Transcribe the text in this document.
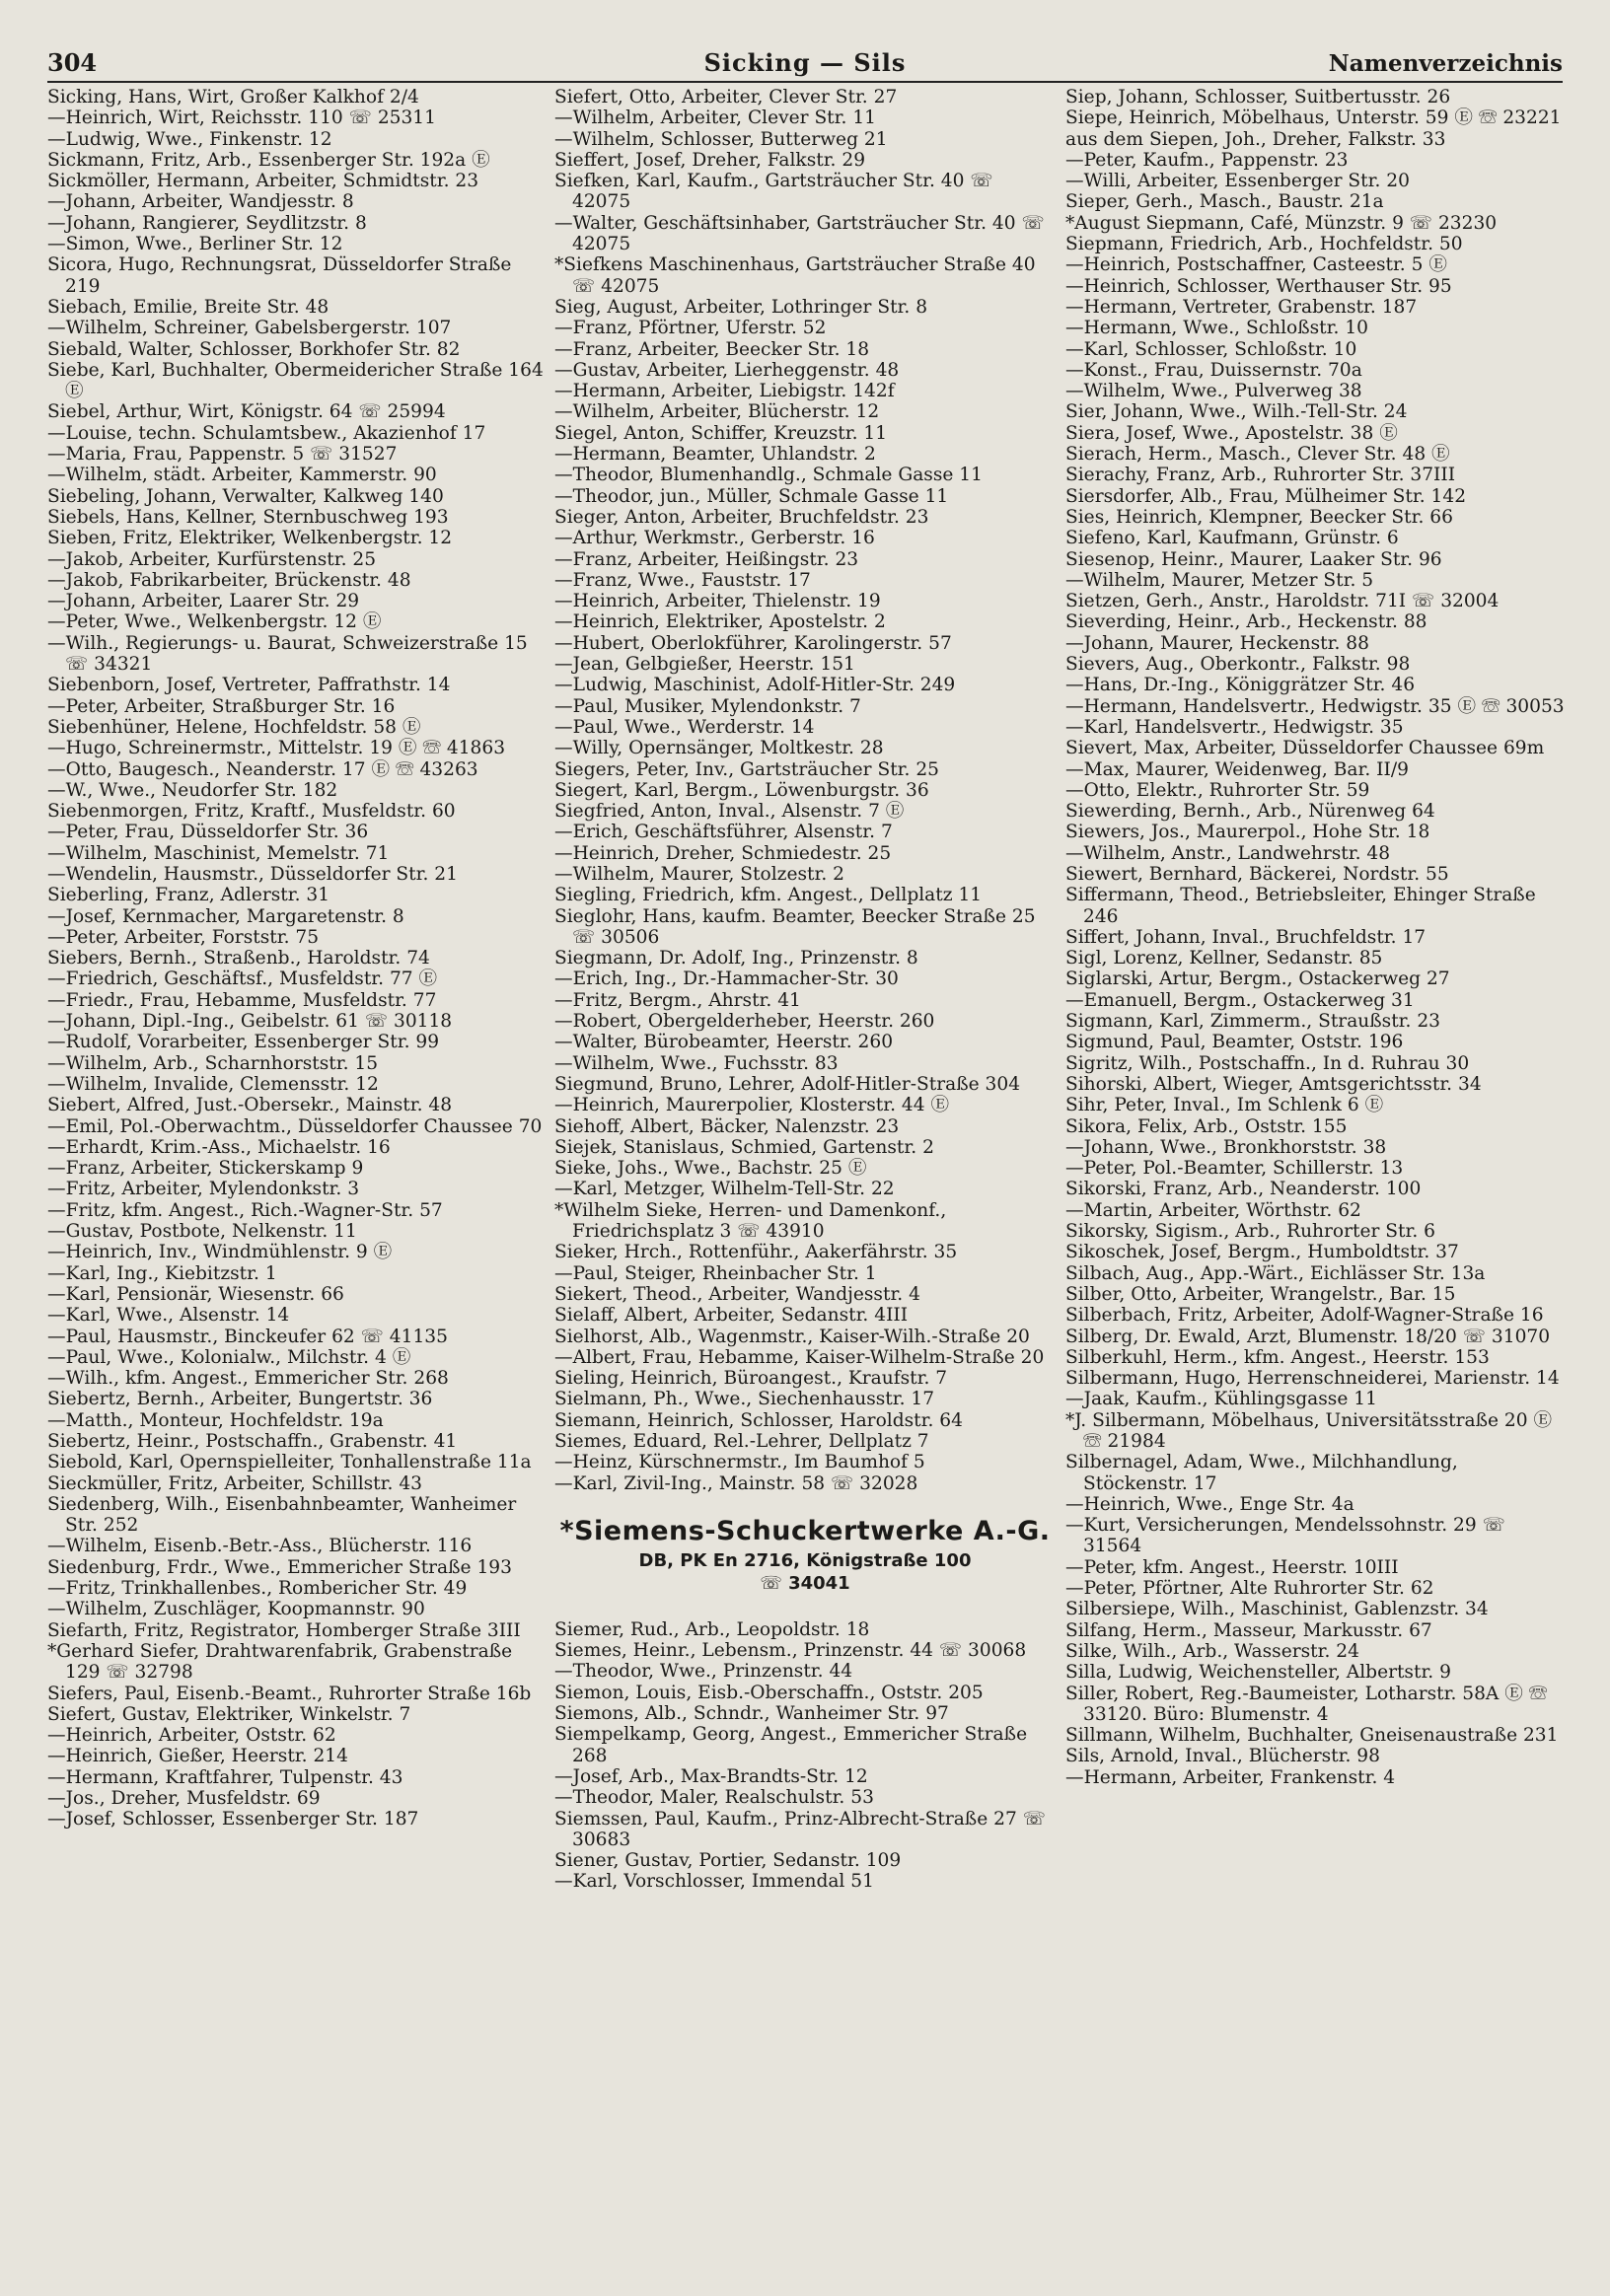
304	Sicking — Sils	Namenverzeichnis
Sicking, Hans, Wirt, Großer Kalkhof 2/4
—Heinrich, Wirt, Reichsstr. 110 ☏ 25311
—Ludwig, Wwe., Finkenstr. 12
Sickmann, Fritz, Arb., Essenberger Str. 192a Ⓔ
Sickmöller, Hermann, Arbeiter, Schmidtstr. 23
—Johann, Arbeiter, Wandjesstr. 8
—Johann, Rangierer, Seydlitzstr. 8
—Simon, Wwe., Berliner Str. 12
Sicora, Hugo, Rechnungsrat, Düsseldorfer Straße 219
Siebach, Emilie, Breite Str. 48
—Wilhelm, Schreiner, Gabelsbergerstr. 107
Siebald, Walter, Schlosser, Borkhofer Str. 82
Siebe, Karl, Buchhalter, Obermeidericher Straße 164 Ⓔ
Siebel, Arthur, Wirt, Königstr. 64 ☏ 25994
—Louise, techn. Schulamtsbew., Akazienhof 17
—Maria, Frau, Pappenstr. 5 ☏ 31527
—Wilhelm, städt. Arbeiter, Kammerstr. 90
Siebeling, Johann, Verwalter, Kalkweg 140
Siebels, Hans, Kellner, Sternbuschweg 193
Sieben, Fritz, Elektriker, Welkenbergstr. 12
—Jakob, Arbeiter, Kurfürstenstr. 25
—Jakob, Fabrikarbeiter, Brückenstr. 48
—Johann, Arbeiter, Laarer Str. 29
—Peter, Wwe., Welkenbergstr. 12 Ⓔ
—Wilh., Regierungs- u. Baurat, Schweizerstraße 15 ☏ 34321
Siebenborn, Josef, Vertreter, Paffrathstr. 14
—Peter, Arbeiter, Straßburger Str. 16
Siebenhüner, Helene, Hochfeldstr. 58 Ⓔ
—Hugo, Schreinermstr., Mittelstr. 19 Ⓔ ☏ 41863
—Otto, Baugesch., Neanderstr. 17 Ⓔ ☏ 43263
—W., Wwe., Neudorfer Str. 182
Siebenmorgen, Fritz, Kraftf., Musfeldstr. 60
—Peter, Frau, Düsseldorfer Str. 36
—Wilhelm, Maschinist, Memelstr. 71
—Wendelin, Hausmstr., Düsseldorfer Str. 21
Sieberling, Franz, Adlerstr. 31
—Josef, Kernmacher, Margaretenstr. 8
—Peter, Arbeiter, Forststr. 75
Siebers, Bernh., Straßenb., Haroldstr. 74
—Friedrich, Geschäftsf., Musfeldstr. 77 Ⓔ
—Friedr., Frau, Hebamme, Musfeldstr. 77
—Johann, Dipl.-Ing., Geibelstr. 61 ☏ 30118
—Rudolf, Vorarbeiter, Essenberger Str. 99
—Wilhelm, Arb., Scharnhorststr. 15
—Wilhelm, Invalide, Clemensstr. 12
Siebert, Alfred, Just.-Obersekr., Mainstr. 48
—Emil, Pol.-Oberwachtm., Düsseldorfer Chaussee 70
—Erhardt, Krim.-Ass., Michaelstr. 16
—Franz, Arbeiter, Stickerskamp 9
—Fritz, Arbeiter, Mylendonkstr. 3
—Fritz, kfm. Angest., Rich.-Wagner-Str. 57
—Gustav, Postbote, Nelkenstr. 11
—Heinrich, Inv., Windmühlenstr. 9 Ⓔ
—Karl, Ing., Kiebitzstr. 1
—Karl, Pensionär, Wiesenstr. 66
—Karl, Wwe., Alsenstr. 14
—Paul, Hausmstr., Binckeufer 62 ☏ 41135
—Paul, Wwe., Kolonialw., Milchstr. 4 Ⓔ
—Wilh., kfm. Angest., Emmericher Str. 268
Siebertz, Bernh., Arbeiter, Bungertstr. 36
—Matth., Monteur, Hochfeldstr. 19a
Siebertz, Heinr., Postschaffn., Grabenstr. 41
Siebold, Karl, Opernspielleiter, Tonhallenstraße 11a
Sieckmüller, Fritz, Arbeiter, Schillstr. 43
Siedenberg, Wilh., Eisenbahnbeamter, Wanheimer Str. 252
—Wilhelm, Eisenb.-Betr.-Ass., Blücherstr. 116
Siedenburg, Frdr., Wwe., Emmericher Straße 193
—Fritz, Trinkhallenbes., Rombericher Str. 49
—Wilhelm, Zuschläger, Koopmannstr. 90
Siefarth, Fritz, Registrator, Homberger Straße 3III
*Gerhard Siefer, Drahtwarenfabrik, Grabenstraße 129 ☏ 32798
Siefers, Paul, Eisenb.-Beamt., Ruhrorter Straße 16b
Siefert, Gustav, Elektriker, Winkelstr. 7
—Heinrich, Arbeiter, Oststr. 62
—Heinrich, Gießer, Heerstr. 214
—Hermann, Kraftfahrer, Tulpenstr. 43
—Jos., Dreher, Musfeldstr. 69
—Josef, Schlosser, Essenberger Str. 187
Siefert, Otto, Arbeiter, Clever Str. 27
—Wilhelm, Arbeiter, Clever Str. 11
—Wilhelm, Schlosser, Butterweg 21
Sieffert, Josef, Dreher, Falkstr. 29
Siefken, Karl, Kaufm., Gartsträucher Str. 40 ☏ 42075
—Walter, Geschäftsinhaber, Gartsträucher Str. 40 ☏ 42075
*Siefkens Maschinenhaus, Gartsträucher Straße 40 ☏ 42075
Sieg, August, Arbeiter, Lothringer Str. 8
—Franz, Pförtner, Uferstr. 52
—Franz, Arbeiter, Beecker Str. 18
—Gustav, Arbeiter, Lierheggenstr. 48
—Hermann, Arbeiter, Liebigstr. 142f
—Wilhelm, Arbeiter, Blücherstr. 12
Siegel, Anton, Schiffer, Kreuzstr. 11
—Hermann, Beamter, Uhlandstr. 2
—Theodor, Blumenhandlg., Schmale Gasse 11
—Theodor, jun., Müller, Schmale Gasse 11
Sieger, Anton, Arbeiter, Bruchfeldstr. 23
—Arthur, Werkmstr., Gerberstr. 16
—Franz, Arbeiter, Heißingstr. 23
—Franz, Wwe., Fauststr. 17
—Heinrich, Arbeiter, Thielenstr. 19
—Heinrich, Elektriker, Apostelstr. 2
—Hubert, Oberlokführer, Karolingerstr. 57
—Jean, Gelbgießer, Heerstr. 151
—Ludwig, Maschinist, Adolf-Hitler-Str. 249
—Paul, Musiker, Mylendonkstr. 7
—Paul, Wwe., Werderstr. 14
—Willy, Opernsänger, Moltkestr. 28
Siegers, Peter, Inv., Gartsträucher Str. 25
Siegert, Karl, Bergm., Löwenburgstr. 36
Siegfried, Anton, Inval., Alsenstr. 7 Ⓔ
—Erich, Geschäftsführer, Alsenstr. 7
—Heinrich, Dreher, Schmiedestr. 25
—Wilhelm, Maurer, Stolzestr. 2
Siegling, Friedrich, kfm. Angest., Dellplatz 11
Sieglohr, Hans, kaufm. Beamter, Beecker Straße 25 ☏ 30506
Siegmann, Dr. Adolf, Ing., Prinzenstr. 8
—Erich, Ing., Dr.-Hammacher-Str. 30
—Fritz, Bergm., Ahrstr. 41
—Robert, Obergelderheber, Heerstr. 260
—Walter, Bürobeamter, Heerstr. 260
—Wilhelm, Wwe., Fuchsstr. 83
Siegmund, Bruno, Lehrer, Adolf-Hitler-Straße 304
—Heinrich, Maurerpolier, Klosterstr. 44 Ⓔ
Siehoff, Albert, Bäcker, Nalenzstr. 23
Siejek, Stanislaus, Schmied, Gartenstr. 2
Sieke, Johs., Wwe., Bachstr. 25 Ⓔ
—Karl, Metzger, Wilhelm-Tell-Str. 22
*Wilhelm Sieke, Herren- und Damenkonf., Friedrichsplatz 3 ☏ 43910
Sieker, Hrch., Rottenführ., Aakerfährstr. 35
—Paul, Steiger, Rheinbacher Str. 1
Siekert, Theod., Arbeiter, Wandjesstr. 4
Sielaff, Albert, Arbeiter, Sedanstr. 4III
Sielhorst, Alb., Wagenmstr., Kaiser-Wilh.-Straße 20
—Albert, Frau, Hebamme, Kaiser-Wilhelm-Straße 20
Sieling, Heinrich, Büroangest., Kraufstr. 7
Sielmann, Ph., Wwe., Siechenhausstr. 17
Siemann, Heinrich, Schlosser, Haroldstr. 64
Siemes, Eduard, Rel.-Lehrer, Dellplatz 7
—Heinz, Kürschnermstr., Im Baumhof 5
—Karl, Zivil-Ing., Mainstr. 58 ☏ 32028
*Siemens-Schuckertwerke A.-G.
DB, PK En 2716, Königstraße 100
☏ 34041
Siemer, Rud., Arb., Leopoldstr. 18
Siemes, Heinr., Lebensm., Prinzenstr. 44 ☏ 30068
—Theodor, Wwe., Prinzenstr. 44
Siemon, Louis, Eisb.-Oberschaffn., Oststr. 205
Siemons, Alb., Schndr., Wanheimer Str. 97
Siempelkamp, Georg, Angest., Emmericher Straße 268
—Josef, Arb., Max-Brandts-Str. 12
—Theodor, Maler, Realschulstr. 53
Siemssen, Paul, Kaufm., Prinz-Albrecht-Straße 27 ☏ 30683
Siener, Gustav, Portier, Sedanstr. 109
—Karl, Vorschlosser, Immendal 51
Siep, Johann, Schlosser, Suitbertusstr. 26
Siepe, Heinrich, Möbelhaus, Unterstr. 59 Ⓔ ☏ 23221
aus dem Siepen, Joh., Dreher, Falkstr. 33
—Peter, Kaufm., Pappenstr. 23
—Willi, Arbeiter, Essenberger Str. 20
Sieper, Gerh., Masch., Baustr. 21a
*August Siepmann, Café, Münzstr. 9 ☏ 23230
Siepmann, Friedrich, Arb., Hochfeldstr. 50
—Heinrich, Postschaffner, Casteestr. 5 Ⓔ
—Heinrich, Schlosser, Werthauser Str. 95
—Hermann, Vertreter, Grabenstr. 187
—Hermann, Wwe., Schloßstr. 10
—Karl, Schlosser, Schloßstr. 10
—Konst., Frau, Duissernstr. 70a
—Wilhelm, Wwe., Pulverweg 38
Sier, Johann, Wwe., Wilh.-Tell-Str. 24
Siera, Josef, Wwe., Apostelstr. 38 Ⓔ
Sierach, Herm., Masch., Clever Str. 48 Ⓔ
Sierachy, Franz, Arb., Ruhrorter Str. 37III
Siersdorfer, Alb., Frau, Mülheimer Str. 142
Sies, Heinrich, Klempner, Beecker Str. 66
Siefeno, Karl, Kaufmann, Grünstr. 6
Siesenop, Heinr., Maurer, Laaker Str. 96
—Wilhelm, Maurer, Metzer Str. 5
Sietzen, Gerh., Anstr., Haroldstr. 71I ☏ 32004
Sieverding, Heinr., Arb., Heckenstr. 88
—Johann, Maurer, Heckenstr. 88
Sievers, Aug., Oberkontr., Falkstr. 98
—Hans, Dr.-Ing., Königgrätzer Str. 46
—Hermann, Handelsvertr., Hedwigstr. 35 Ⓔ ☏ 30053
—Karl, Handelsvertr., Hedwigstr. 35
Sievert, Max, Arbeiter, Düsseldorfer Chaussee 69m
—Max, Maurer, Weidenweg, Bar. II/9
—Otto, Elektr., Ruhrorter Str. 59
Siewerding, Bernh., Arb., Nürenweg 64
Siewers, Jos., Maurerpol., Hohe Str. 18
—Wilhelm, Anstr., Landwehrstr. 48
Siewert, Bernhard, Bäckerei, Nordstr. 55
Siffermann, Theod., Betriebsleiter, Ehinger Straße 246
Siffert, Johann, Inval., Bruchfeldstr. 17
Sigl, Lorenz, Kellner, Sedanstr. 85
Siglarski, Artur, Bergm., Ostackerweg 27
—Emanuell, Bergm., Ostackerweg 31
Sigmann, Karl, Zimmerm., Straußstr. 23
Sigmund, Paul, Beamter, Oststr. 196
Sigritz, Wilh., Postschaffn., In d. Ruhrau 30
Sihorski, Albert, Wieger, Amtsgerichtsstr. 34
Sihr, Peter, Inval., Im Schlenk 6 Ⓔ
Sikora, Felix, Arb., Oststr. 155
—Johann, Wwe., Bronkhorststr. 38
—Peter, Pol.-Beamter, Schillerstr. 13
Sikorski, Franz, Arb., Neanderstr. 100
—Martin, Arbeiter, Wörthstr. 62
Sikorsky, Sigism., Arb., Ruhrorter Str. 6
Sikoschek, Josef, Bergm., Humboldtstr. 37
Silbach, Aug., App.-Wärt., Eichlässer Str. 13a
Silber, Otto, Arbeiter, Wrangelstr., Bar. 15
Silberbach, Fritz, Arbeiter, Adolf-Wagner-Straße 16
Silberg, Dr. Ewald, Arzt, Blumenstr. 18/20 ☏ 31070
Silberkuhl, Herm., kfm. Angest., Heerstr. 153
Silbermann, Hugo, Herrenschneiderei, Marienstr. 14
—Jaak, Kaufm., Kühlingsgasse 11
*J. Silbermann, Möbelhaus, Universitätsstraße 20 Ⓔ ☏ 21984
Silbernagel, Adam, Wwe., Milchhandlung, Stöckenstr. 17
—Heinrich, Wwe., Enge Str. 4a
—Kurt, Versicherungen, Mendelssohnstr. 29 ☏ 31564
—Peter, kfm. Angest., Heerstr. 10III
—Peter, Pförtner, Alte Ruhrorter Str. 62
Silbersiepe, Wilh., Maschinist, Gablenzstr. 34
Silfang, Herm., Masseur, Markusstr. 67
Silke, Wilh., Arb., Wasserstr. 24
Silla, Ludwig, Weichensteller, Albertstr. 9
Siller, Robert, Reg.-Baumeister, Lotharstr. 58A Ⓔ ☏ 33120. Büro: Blumenstr. 4
Sillmann, Wilhelm, Buchhalter, Gneisenaustraße 231
Sils, Arnold, Inval., Blücherstr. 98
—Hermann, Arbeiter, Frankenstr. 4
